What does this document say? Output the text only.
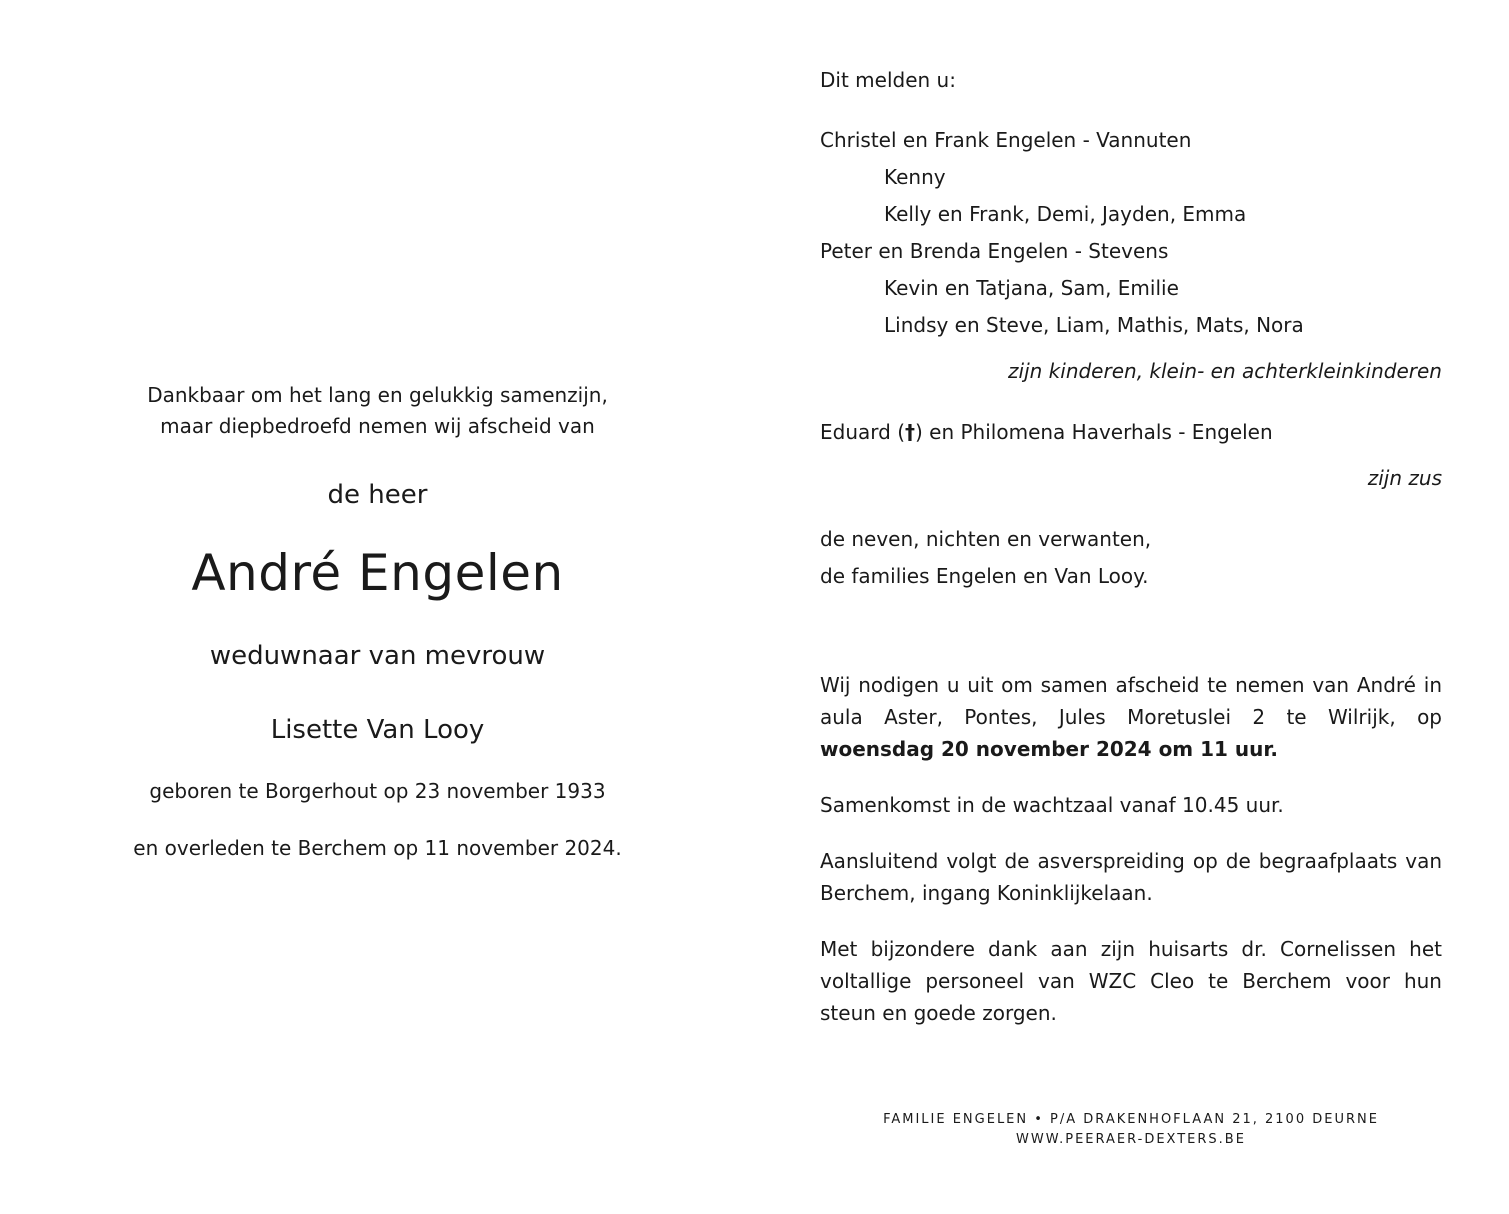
Dankbaar om het lang en gelukkig samenzijn,

maar diepbedroefd nemen wij afscheid van

de heer

André Engelen

weduwnaar van mevrouw

Lisette Van Looy

geboren te Borgerhout op 23 november 1933

en overleden te Berchem op 11 november 2024.

Dit melden u:

Christel en Frank Engelen - Vannuten

Kenny

Kelly en Frank, Demi, Jayden, Emma

Peter en Brenda Engelen - Stevens

Kevin en Tatjana, Sam, Emilie

Lindsy en Steve, Liam, Mathis, Mats, Nora

zijn kinderen, klein- en achterkleinkinderen

Eduard (†) en Philomena Haverhals - Engelen

zijn zus

de neven, nichten en verwanten,

de families Engelen en Van Looy.

Wij nodigen u uit om samen afscheid te nemen van André in aula Aster, Pontes, Jules Moretuslei 2 te Wilrijk, op woensdag 20 november 2024 om 11 uur.

Samenkomst in de wachtzaal vanaf 10.45 uur.

Aansluitend volgt de asverspreiding op de begraafplaats van Berchem, ingang Koninklijkelaan.

Met bijzondere dank aan zijn huisarts dr. Cornelissen het voltallige personeel van WZC Cleo te Berchem voor hun steun en goede zorgen.

FAMILIE ENGELEN • P/A DRAKENHOFLAAN 21, 2100 DEURNE
WWW.PEERAER-DEXTERS.BE
